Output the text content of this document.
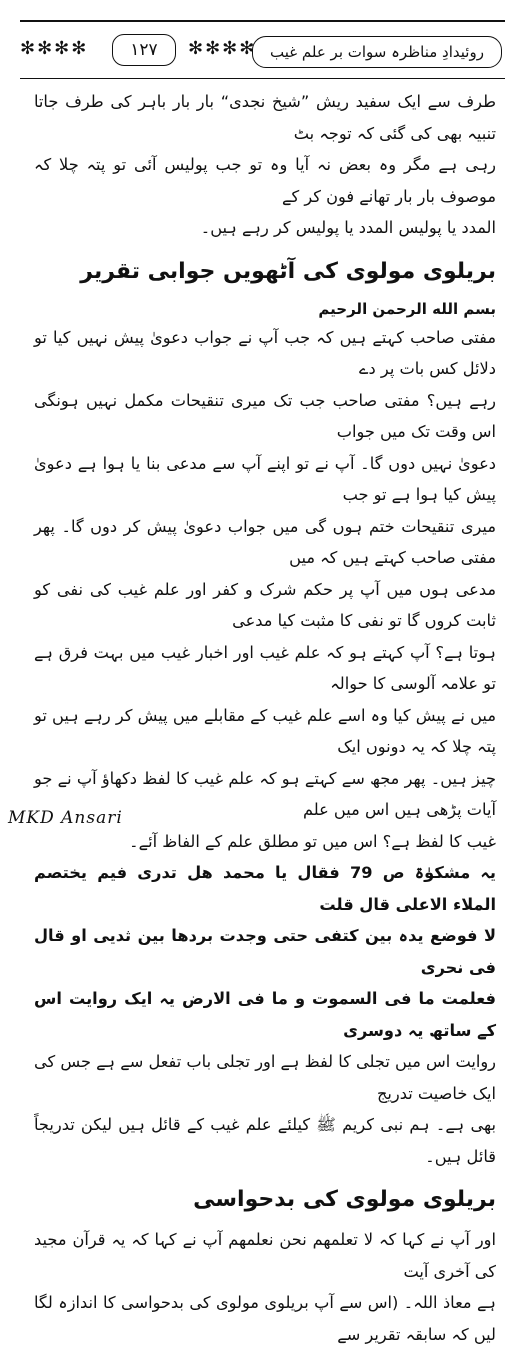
✻✻✻✻	۱۲۷	✻✻✻✻ روئیدادِ مناظرہ سوات بر علم غیب

طرف سے ایک سفید ریش ”شیخ نجدی“ بار بار باہر کی طرف جاتا تنبیہ بھی کی گئی کہ توجہ بٹ

رہی ہے مگر وہ بعض نہ آیا وہ تو جب پولیس آئی تو پتہ چلا کہ موصوف بار بار تھانے فون کر کے

المدد یا پولیس المدد یا پولیس کر رہے ہیں۔

بریلوی مولوی کی آٹھویں جوابی تقریر

بسم الله الرحمن الرحيم

مفتی صاحب کہتے ہیں کہ جب آپ نے جواب دعویٰ پیش نہیں کیا تو دلائل کس بات پر دے

رہے ہیں؟ مفتی صاحب جب تک میری تنقیحات مکمل نہیں ہونگی اس وقت تک میں جواب

دعویٰ نہیں دوں گا۔ آپ نے تو اپنے آپ سے مدعی بنا یا ہوا ہے دعویٰ پیش کیا ہوا ہے تو جب

میری تنقیحات ختم ہوں گی میں جواب دعویٰ پیش کر دوں گا۔ پھر مفتی صاحب کہتے ہیں کہ میں

مدعی ہوں میں آپ پر حکم شرک و کفر اور علم غیب کی نفی کو ثابت کروں گا تو نفی کا مثبت کیا مدعی

ہوتا ہے؟ آپ کہتے ہو کہ علم غیب اور اخبار غیب میں بہت فرق ہے تو علامہ آلوسی کا حوالہ

میں نے پیش کیا وہ اسے علم غیب کے مقابلے میں پیش کر رہے ہیں تو پتہ چلا کہ یہ دونوں ایک

چیز ہیں۔ پھر مجھ سے کہتے ہو کہ علم غیب کا لفظ دکھاؤ آپ نے جو آیات پڑھی ہیں اس میں علم

غیب کا لفظ ہے؟ اس میں تو مطلق علم کے الفاظ آئے۔

یہ مشکوٰۃ ص 79 فقال یا محمد هل تدری فیم یختصم الملاء الاعلی قال قلت

لا فوضع یدہ بین کتفی حتی وجدت بردها بین ثدیی او قال فی نحری

فعلمت ما فی السموت و ما فی الارض یہ ایک روایت اس کے ساتھ یہ دوسری

روایت اس میں تجلی کا لفظ ہے اور تجلی باب تفعل سے ہے جس کی ایک خاصیت تدریج

بھی ہے۔ ہم نبی کریم ﷺ کیلئے علم غیب کے قائل ہیں لیکن تدریجاً قائل ہیں۔

بریلوی مولوی کی بدحواسی

اور آپ نے کہا کہ لا تعلمهم نحن نعلمهم آپ نے کہا کہ یہ قرآن مجید کی آخری آیت

ہے معاذ اللہ۔ (اس سے آپ بریلوی مولوی کی بدحواسی کا اندازہ لگا لیں کہ سابقہ تقریر سے

MKD Ansari
